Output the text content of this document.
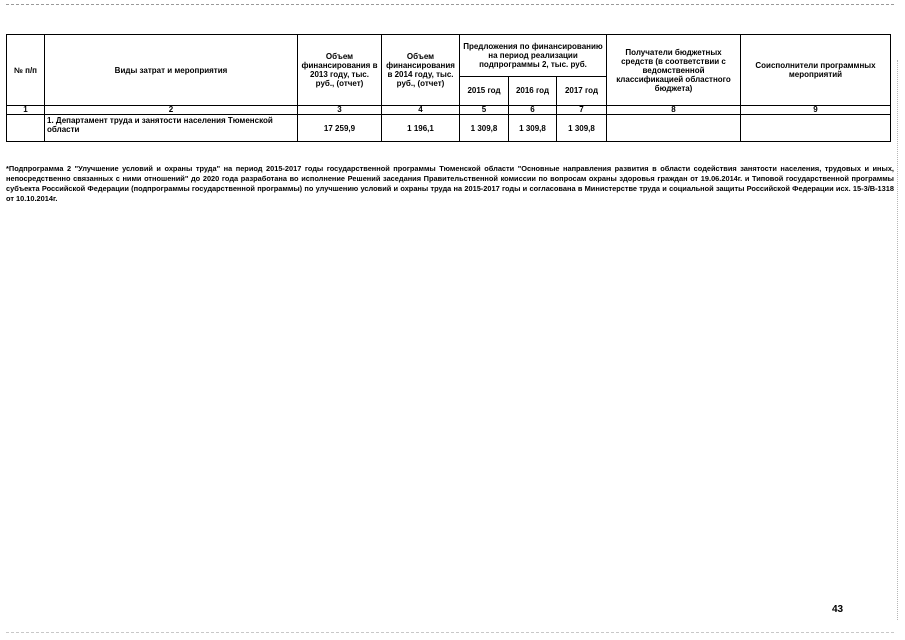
№ п/п	Виды затрат и мероприятия	Объем финансирования в 2013 году, тыс. руб., (отчет)	Объем финансирования в 2014 году, тыс. руб., (отчет)	Предложения по финансированию на период реализации подпрограммы 2, тыс. руб.			Получатели бюджетных средств (в соответствии с ведомственной классификацией областного бюджета)	Соисполнители программных мероприятий
				2015 год	2016 год	2017 год		
1	2	3	4	5	6	7	8	9
	1. Департамент труда и занятости населения Тюменской области	17 259,9	1 196,1	1 309,8	1 309,8	1 309,8		

*Подпрограмма 2 "Улучшение условий и охраны труда" на период 2015-2017 годы государственной программы Тюменской области "Основные направления развития в области содействия занятости населения, трудовых и иных, непосредственно связанных с ними отношений" до 2020 года разработана во исполнение Решений заседания Правительственной комиссии по вопросам охраны здоровья граждан от 19.06.2014г. и Типовой государственной программы субъекта Российской Федерации (подпрограммы государственной программы) по улучшению условий и охраны труда на 2015-2017 годы и согласована в Министерстве труда и социальной защиты Российской Федерации исх. 15-3/В-1318 от 10.10.2014г.

43
